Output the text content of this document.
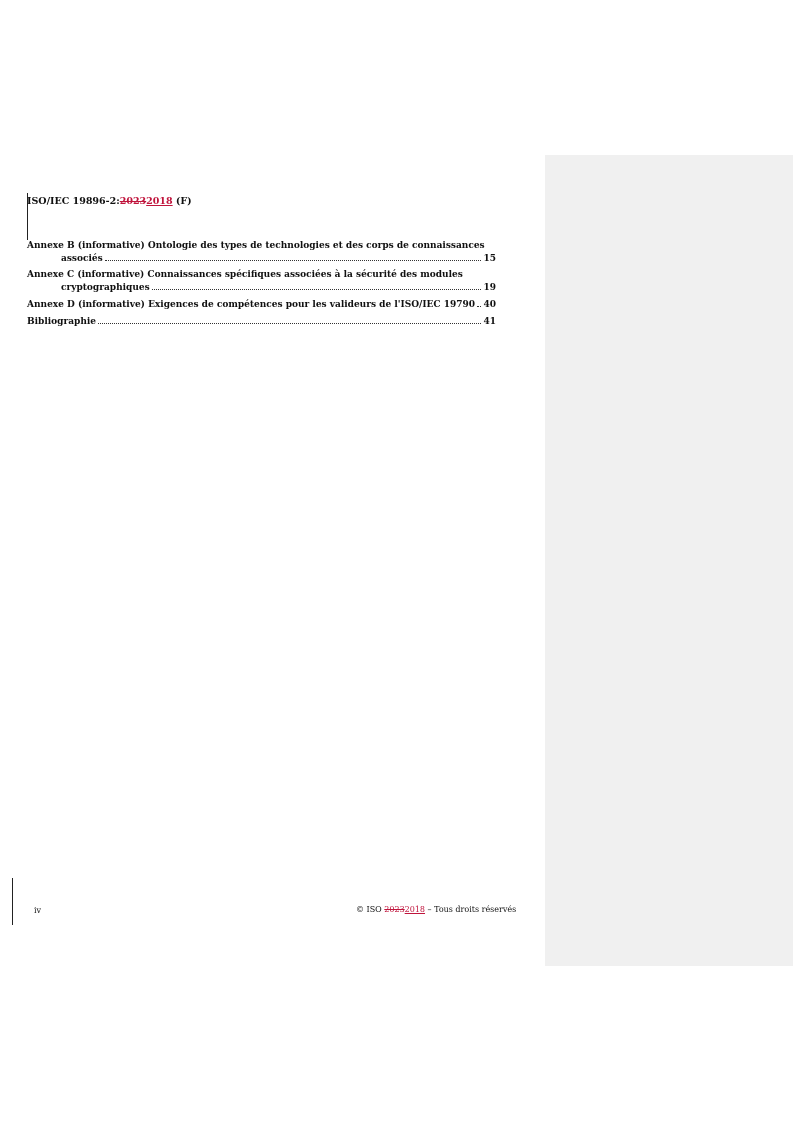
ISO/IEC 19896-2:20232018 (F)
Annexe B (informative) Ontologie des types de technologies et des corps de connaissances
associés	15
Annexe C (informative) Connaissances spécifiques associées à la sécurité des modules
cryptographiques	19
Annexe D (informative) Exigences de compétences pour les valideurs de l'ISO/IEC 19790 40
Bibliographie	41
iv	© ISO 20232018 – Tous droits réservés
